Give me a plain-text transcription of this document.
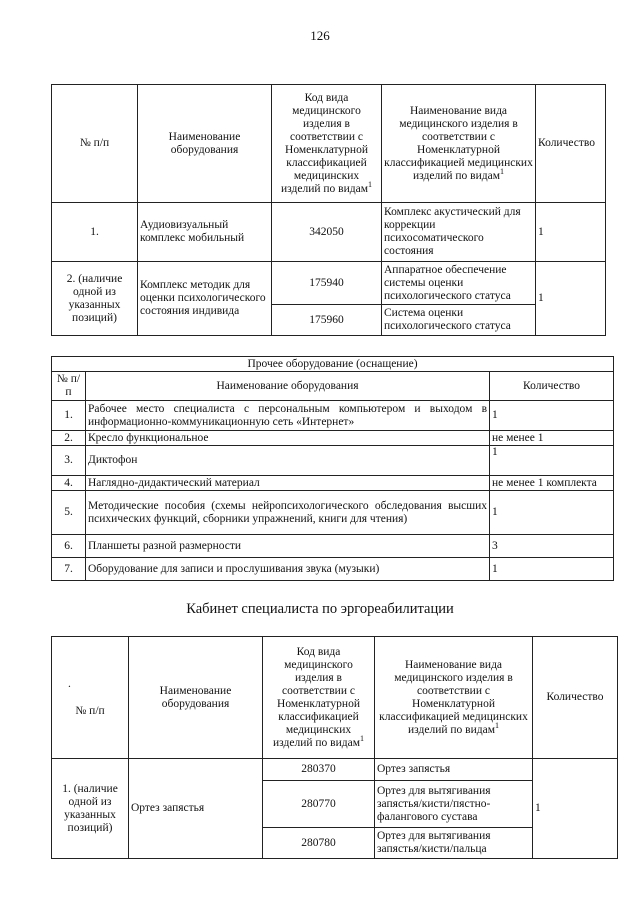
126
№ п/п	Наименование оборудования	Код вида медицинского изделия в соответствии с Номенклатурной классификацией медицинских изделий по видам$^1$	Наименование вида медицинского изделия в соответствии с Номенклатурной классификацией медицинских изделий по видам$^1$	Количество
1.	Аудиовизуальный комплекс мобильный	342050	Комплекс акустический для коррекции психосоматического состояния	1
2. (наличие одной из указанных позиций)	Комплекс методик для оценки психологического состояния индивида	175940	Аппаратное обеспечение системы оценки психологического статуса	1
		175960	Система оценки психологического статуса	
Прочее оборудование (оснащение)		
№ п/п	Наименование оборудования	Количество
1.	Рабочее место специалиста с персональным компьютером и выходом в информационно-коммуникационную сеть «Интернет»	1
2.	Кресло функциональное	не менее 1
3.	Диктофон	1
4.	Наглядно-дидактический материал	не менее 1 комплекта
5.	Методические пособия (схемы нейропсихологического обследования высших психических функций, сборники упражнений, книги для чтения)	1
6.	Планшеты разной размерности	3
7.	Оборудование для записи и прослушивания звука (музыки)	1
Кабинет специалиста по эргореабилитации
.
№ п/п	Наименование оборудования	Код вида медицинского изделия в соответствии с Номенклатурной классификацией медицинских изделий по видам$^1$	Наименование вида медицинского изделия в соответствии с Номенклатурной классификацией медицинских изделий по видам$^1$	Количество
1. (наличие одной из указанных позиций)	Ортез запястья	280370	Ортез запястья	1
		280770	Ортез для вытягивания запястья/кисти/пястно-фалангового сустава	
		280780	Ортез для вытягивания запястья/кисти/пальца	
